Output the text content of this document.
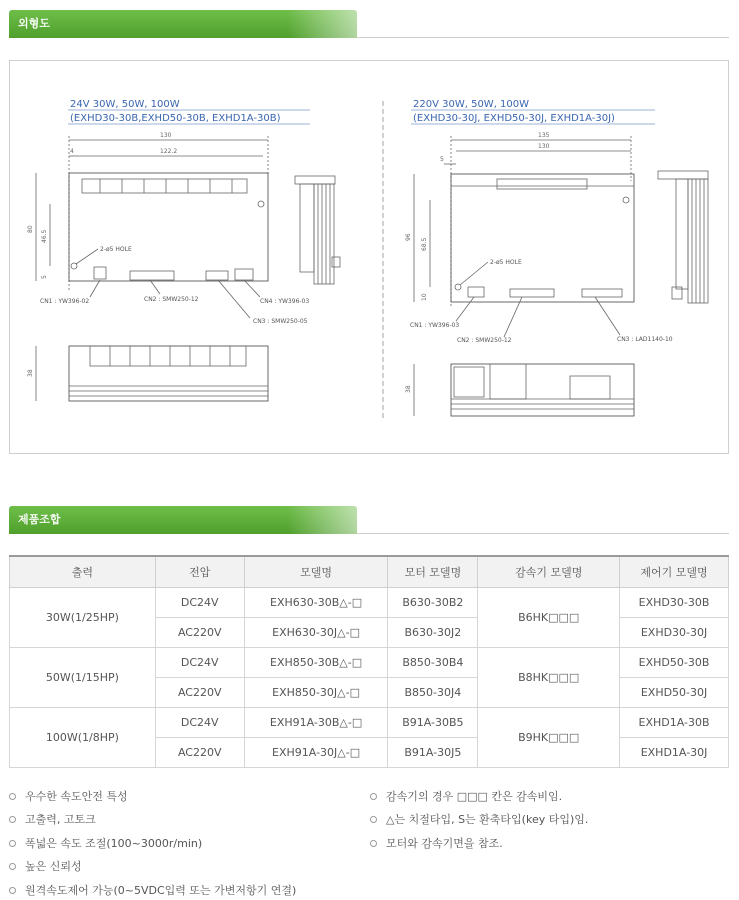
외형도
24V 30W, 50W, 100W
(EXHD30-30B,EXHD50-30B, EXHD1A-30B)
130
4	122.2
80
46.5
5
2-ø5 HOLE
CN1 : YW396-02	CN2 : SMW250-12
CN3 : SMW250-05
CN4 : YW396-03
38
220V 30W, 50W, 100W
(EXHD30-30J, EXHD50-30J, EXHD1A-30J)
135
130
5
96
68.5
10
2-ø5 HOLE
CN1 : YW396-03
CN2 : SMW250-12	CN3 : LAD1140-10
38
제품조합
출력	전압	모델명	모터 모델명	감속기 모델명	제어기 모델명
30W(1/25HP)	DC24V	EXH630-30B△-□	B630-30B2	B6HK□□□	EXHD30-30B
	AC220V	EXH630-30J△-□	B630-30J2		EXHD30-30J
50W(1/15HP)	DC24V	EXH850-30B△-□	B850-30B4	B8HK□□□	EXHD50-30B
	AC220V	EXH850-30J△-□	B850-30J4		EXHD50-30J
100W(1/8HP)	DC24V	EXH91A-30B△-□	B91A-30B5	B9HK□□□	EXHD1A-30B
	AC220V	EXH91A-30J△-□	B91A-30J5		EXHD1A-30J
우수한 속도안전 특성
고출력, 고토크
폭넓은 속도 조절(100~3000r/min)
높은 신뢰성
원격속도제어 가능(0~5VDC입력 또는 가변저항기 연결)
감속기의 경우 □□□ 칸은 감속비임.
△는 치절타입, S는 환축타입(key 타입)임.
모터와 감속기면을 참조.
